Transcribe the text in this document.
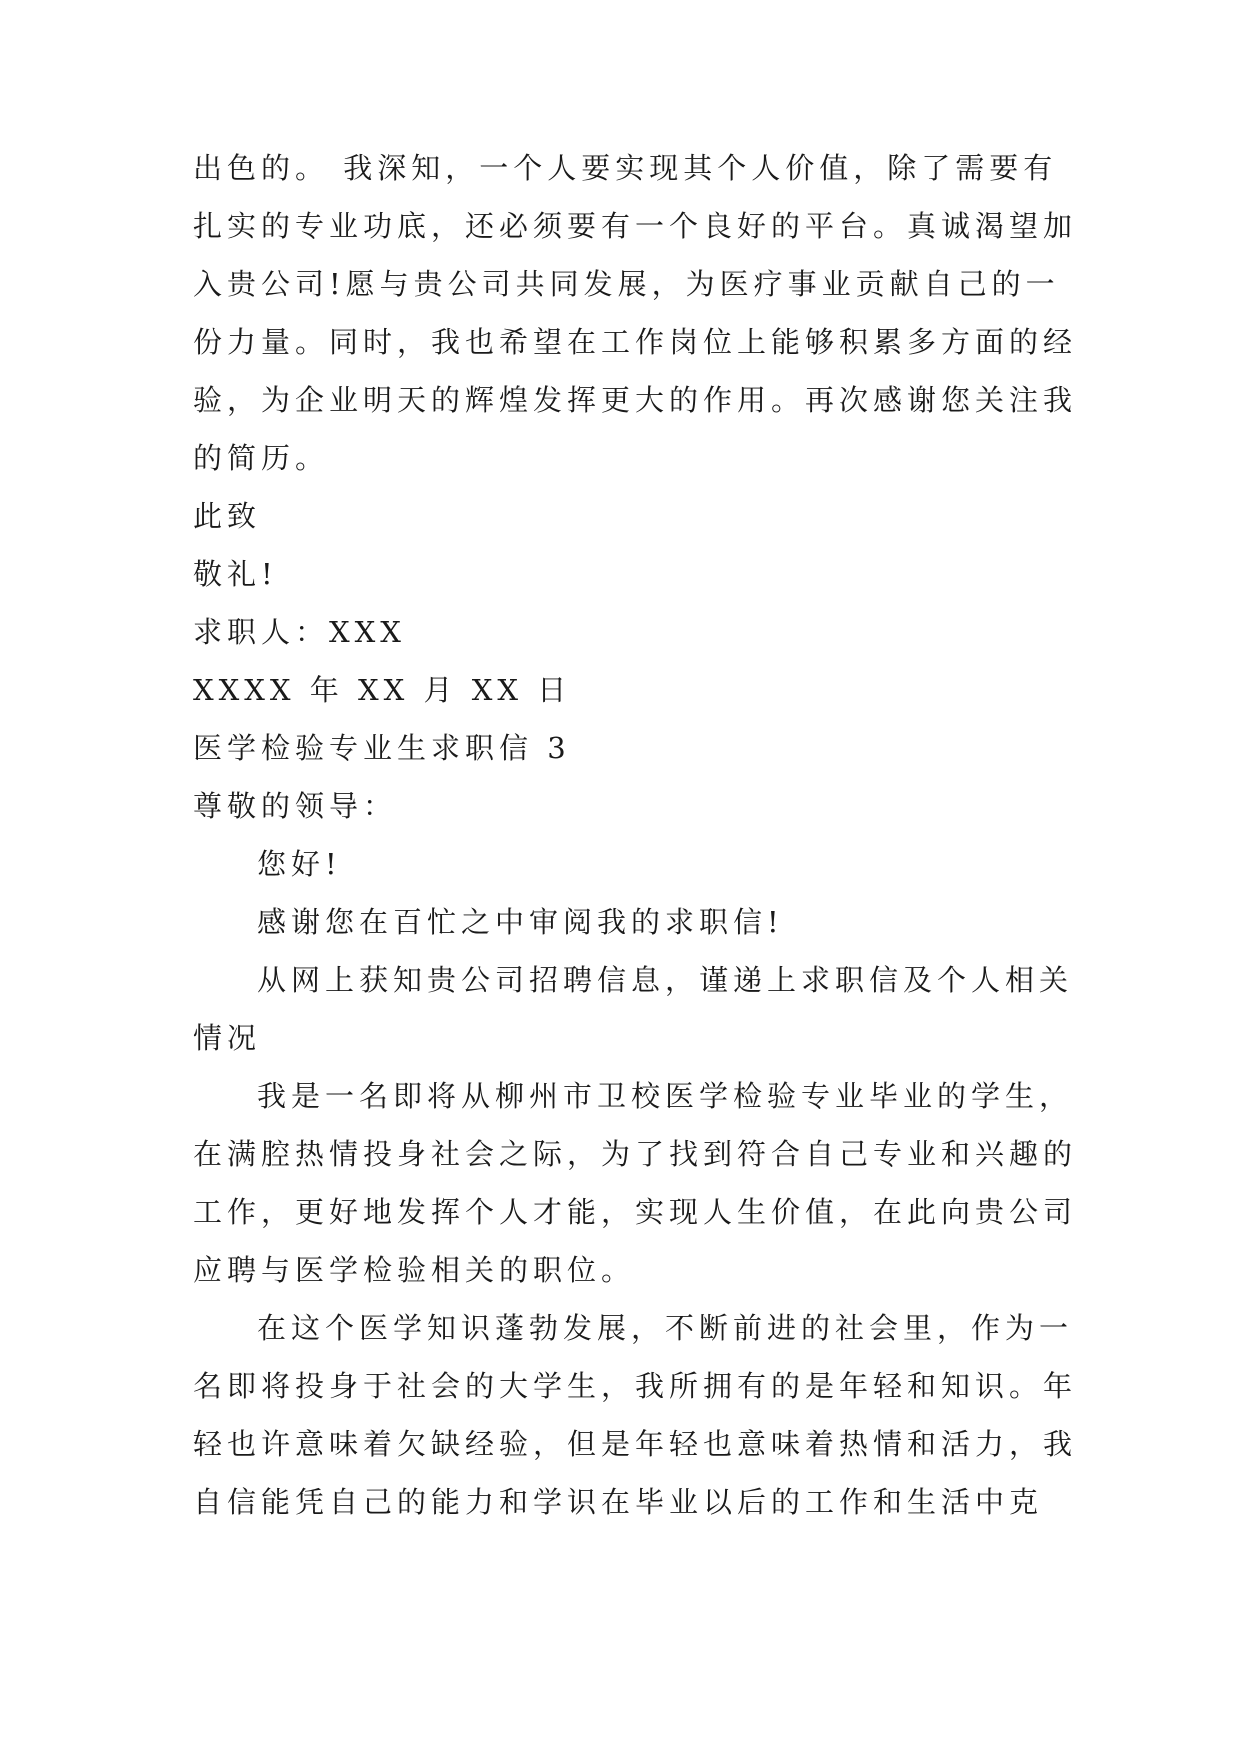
出色的。 我深知，一个人要实现其个人价值，除了需要有
扎实的专业功底，还必须要有一个良好的平台。真诚渴望加
入贵公司!愿与贵公司共同发展，为医疗事业贡献自己的一
份力量。同时，我也希望在工作岗位上能够积累多方面的经
验，为企业明天的辉煌发挥更大的作用。再次感谢您关注我
的简历。
此致
敬礼!
求职人：XXX
XXXX 年 XX 月 XX 日
医学检验专业生求职信 3
尊敬的领导：
您好!
感谢您在百忙之中审阅我的求职信!
从网上获知贵公司招聘信息，谨递上求职信及个人相关
情况
我是一名即将从柳州市卫校医学检验专业毕业的学生，
在满腔热情投身社会之际，为了找到符合自己专业和兴趣的
工作，更好地发挥个人才能，实现人生价值，在此向贵公司
应聘与医学检验相关的职位。
在这个医学知识蓬勃发展，不断前进的社会里，作为一
名即将投身于社会的大学生，我所拥有的是年轻和知识。年
轻也许意味着欠缺经验，但是年轻也意味着热情和活力，我
自信能凭自己的能力和学识在毕业以后的工作和生活中克
